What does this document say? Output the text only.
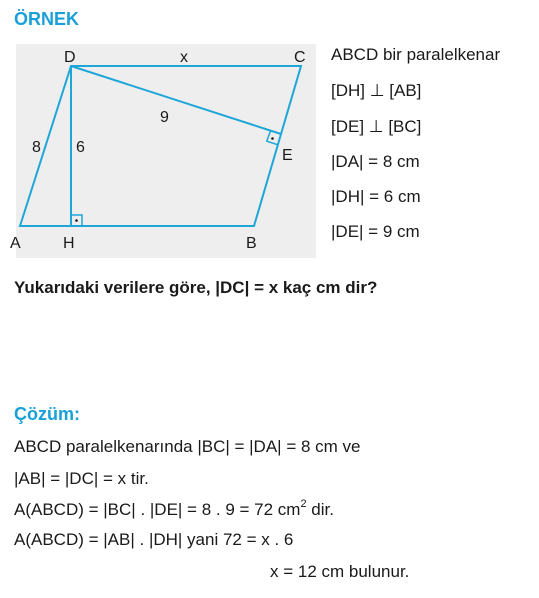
ÖRNEK
D	C
A	H	B
E
x
9
8 6
ABCD bir paralelkenar
[DH] ⊥ [AB]
[DE] ⊥ [BC]
|DA| = 8 cm
|DH| = 6 cm
|DE| = 9 cm
Yukarıdaki verilere göre, |DC| = x kaç cm dir?
Çözüm:
ABCD paralelkenarında |BC| = |DA| = 8 cm ve
|AB| = |DC| = x tir.
A(ABCD) = |BC| . |DE| = 8 . 9 = 72 $cm^2$ dir.
A(ABCD) = |AB| . |DH| yani 72 = x . 6
x = 12 cm bulunur.
